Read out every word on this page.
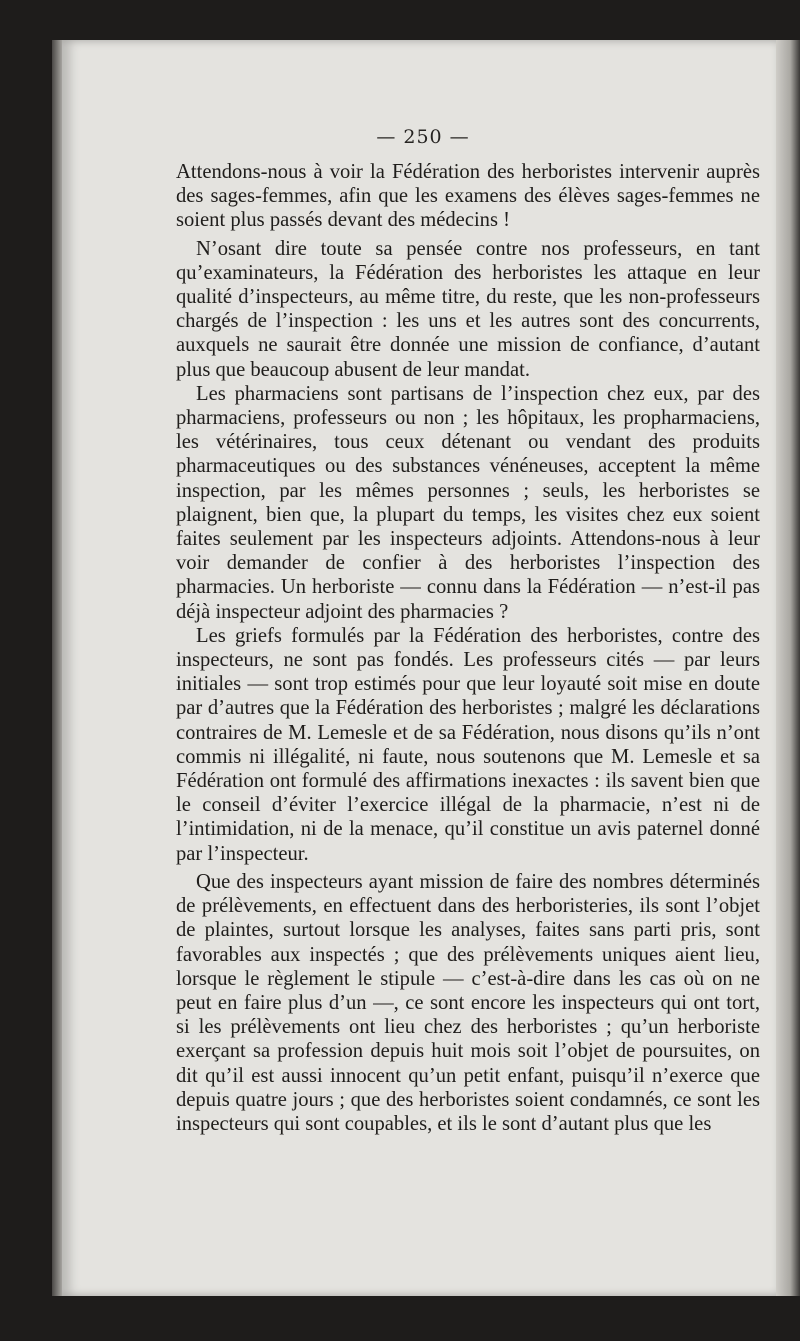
— 250 —

Attendons-nous à voir la Fédération des herboristes intervenir auprès des sages-femmes, afin que les examens des élèves sages-femmes ne soient plus passés devant des médecins !

N’osant dire toute sa pensée contre nos professeurs, en tant qu’examinateurs, la Fédération des herboristes les attaque en leur qualité d’inspecteurs, au même titre, du reste, que les non-professeurs chargés de l’inspection : les uns et les autres sont des concurrents, auxquels ne saurait être donnée une mission de confiance, d’autant plus que beaucoup abusent de leur mandat.

Les pharmaciens sont partisans de l’inspection chez eux, par des pharmaciens, professeurs ou non ; les hôpitaux, les propharmaciens, les vétérinaires, tous ceux détenant ou vendant des produits pharmaceutiques ou des substances vénéneuses, acceptent la même inspection, par les mêmes personnes ; seuls, les herboristes se plaignent, bien que, la plupart du temps, les visites chez eux soient faites seulement par les inspecteurs adjoints. Attendons-nous à leur voir demander de confier à des herboristes l’inspection des pharmacies. Un herboriste — connu dans la Fédération — n’est-il pas déjà inspecteur adjoint des pharmacies ?

Les griefs formulés par la Fédération des herboristes, contre des inspecteurs, ne sont pas fondés. Les professeurs cités — par leurs initiales — sont trop estimés pour que leur loyauté soit mise en doute par d’autres que la Fédération des herboristes ; malgré les déclarations contraires de M. Lemesle et de sa Fédération, nous disons qu’ils n’ont commis ni illégalité, ni faute, nous soutenons que M. Lemesle et sa Fédération ont formulé des affirmations inexactes : ils savent bien que le conseil d’éviter l’exercice illégal de la pharmacie, n’est ni de l’intimidation, ni de la menace, qu’il constitue un avis paternel donné par l’inspecteur.

Que des inspecteurs ayant mission de faire des nombres déterminés de prélèvements, en effectuent dans des herboristeries, ils sont l’objet de plaintes, surtout lorsque les analyses, faites sans parti pris, sont favorables aux inspectés ; que des prélèvements uniques aient lieu, lorsque le règlement le stipule — c’est-à-dire dans les cas où on ne peut en faire plus d’un —, ce sont encore les inspecteurs qui ont tort, si les prélèvements ont lieu chez des herboristes ; qu’un herboriste exerçant sa profession depuis huit mois soit l’objet de poursuites, on dit qu’il est aussi innocent qu’un petit enfant, puisqu’il n’exerce que depuis quatre jours ; que des herboristes soient condamnés, ce sont les inspecteurs qui sont coupables, et ils le sont d’autant plus que les
